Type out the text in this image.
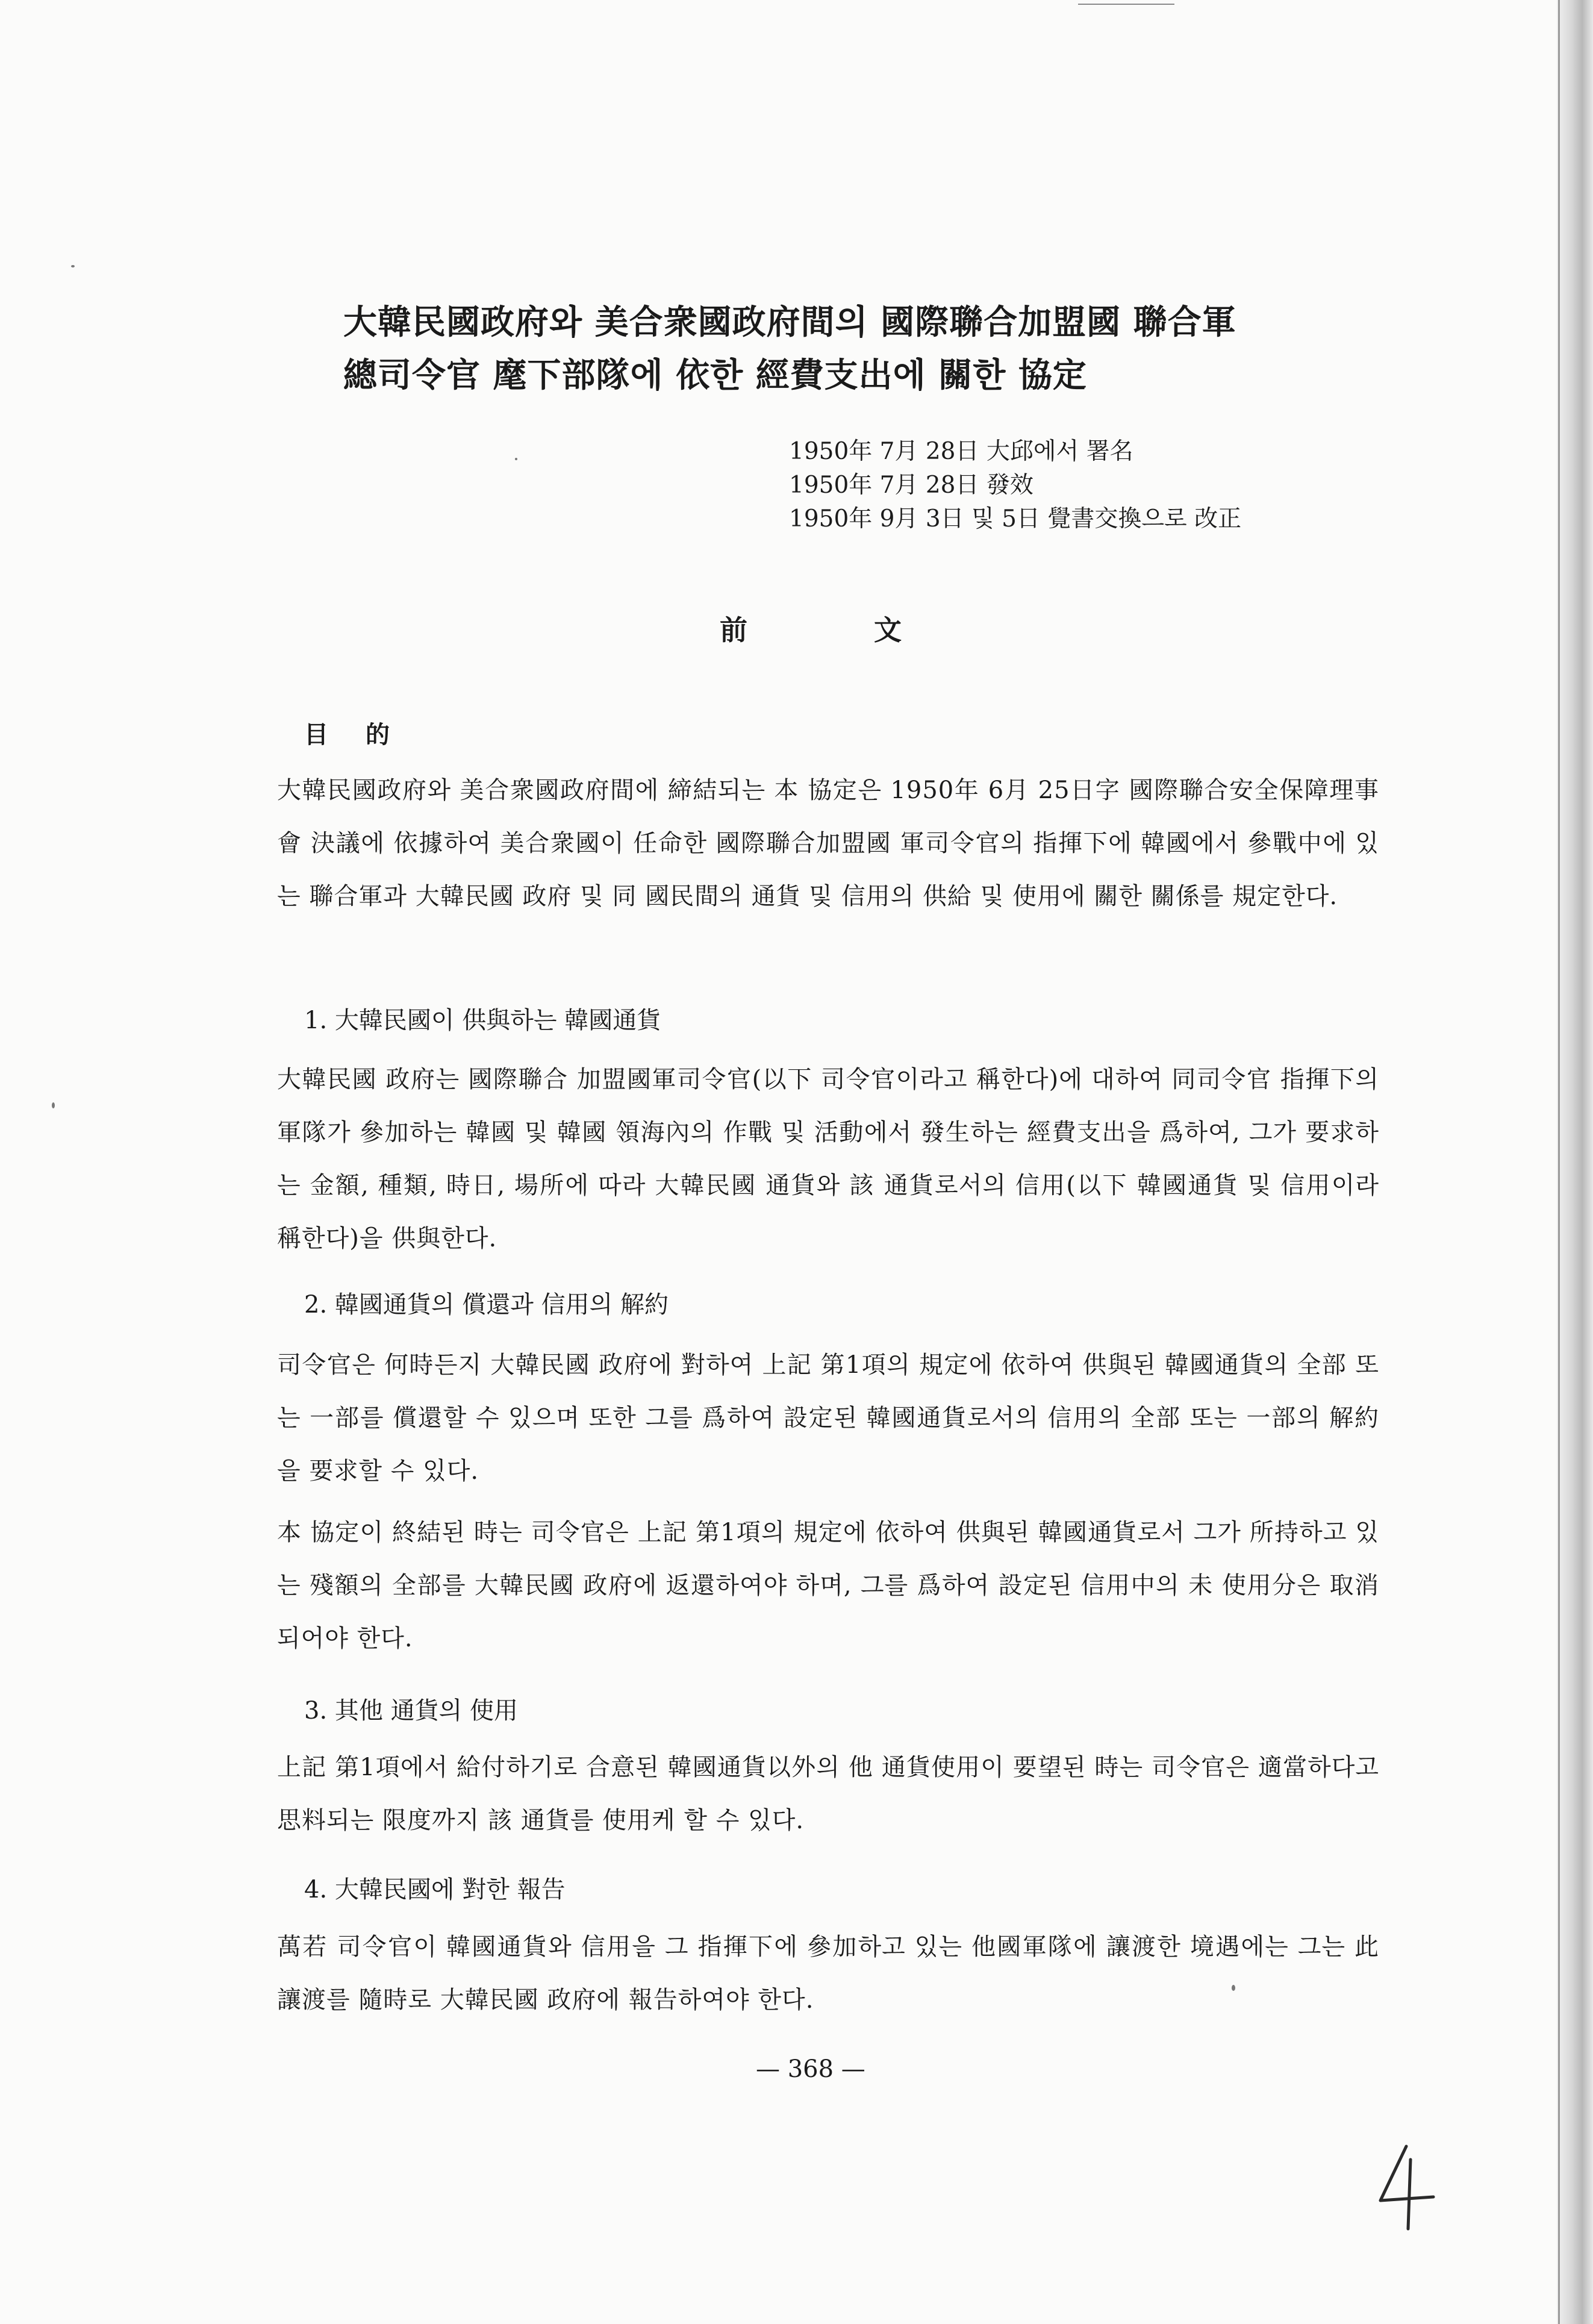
大韓民國政府와 美合衆國政府間의 國際聯合加盟國 聯合軍
總司令官 麾下部隊에 依한 經費支出에 關한 協定
1950年 7月 28日 大邱에서 署名
1950年 7月 28日 發效
1950年 9月 3日 및 5日 覺書交換으로 改正
前文
目的
大韓民國政府와 美合衆國政府間에 締結되는 本 協定은 1950年 6月 25日字 國際聯合安全保障理事會 決議에 依據하여 美合衆國이 任命한 國際聯合加盟國 軍司令官의 指揮下에 韓國에서 參戰中에 있는 聯合軍과 大韓民國 政府 및 同 國民間의 通貨 및 信用의 供給 및 使用에 關한 關係를 規定한다.
1. 大韓民國이 供與하는 韓國通貨
大韓民國 政府는 國際聯合 加盟國軍司令官(以下 司令官이라고 稱한다)에 대하여 同司令官 指揮下의 軍隊가 參加하는 韓國 및 韓國 領海內의 作戰 및 活動에서 發生하는 經費支出을 爲하여, 그가 要求하는 金額, 種類, 時日, 場所에 따라 大韓民國 通貨와 該 通貨로서의 信用(以下 韓國通貨 및 信用이라 稱한다)을 供與한다.
2. 韓國通貨의 償還과 信用의 解約
司令官은 何時든지 大韓民國 政府에 對하여 上記 第1項의 規定에 依하여 供與된 韓國通貨의 全部 또는 一部를 償還할 수 있으며 또한 그를 爲하여 設定된 韓國通貨로서의 信用의 全部 또는 一部의 解約을 要求할 수 있다.
本 協定이 終結된 時는 司令官은 上記 第1項의 規定에 依하여 供與된 韓國通貨로서 그가 所持하고 있는 殘額의 全部를 大韓民國 政府에 返還하여야 하며, 그를 爲하여 設定된 信用中의 未 使用分은 取消되어야 한다.
3. 其他 通貨의 使用
上記 第1項에서 給付하기로 合意된 韓國通貨以外의 他 通貨使用이 要望된 時는 司令官은 適當하다고 思料되는 限度까지 該 通貨를 使用케 할 수 있다.
4. 大韓民國에 對한 報告
萬若 司令官이 韓國通貨와 信用을 그 指揮下에 參加하고 있는 他國軍隊에 讓渡한 境遇에는 그는 此 讓渡를 隨時로 大韓民國 政府에 報告하여야 한다.
— 368 —
